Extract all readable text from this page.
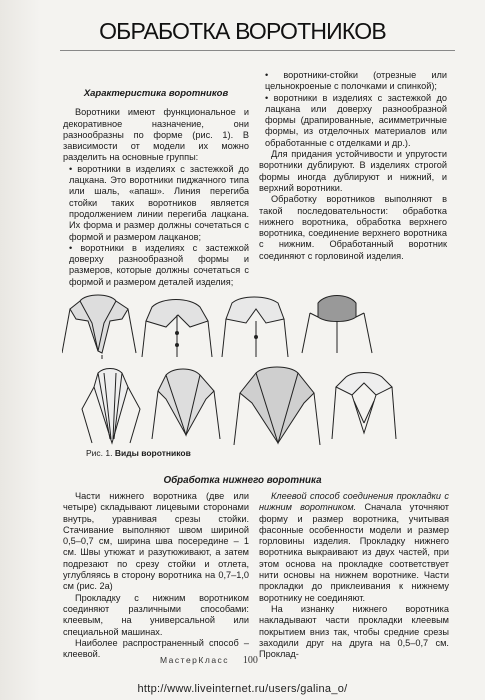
ОБРАБОТКА ВОРОТНИКОВ
Характеристика воротников

Воротники имеют функциональное и декоративное назначение, они разнообразны по форме (рис. 1). В зависимости от модели их можно разделить на основные группы:

• воротники в изделиях с застежкой до лацкана. Это воротники пиджачного типа или шаль, «апаш». Линия перегиба стойки таких воротников является продолжением линии перегиба лацкана. Их форма и размер должны сочетаться с формой и размером лацканов;

• воротники в изделиях с застежкой доверху разнообразной формы и размеров, которые должны сочетаться с формой и размером деталей изделия;

• воротники-стойки (отрезные или цельнокроеные с полочками и спинкой);

• воротники в изделиях с застежкой до лацкана или доверху разнообразной формы (драпированные, асимметричные формы, из отделочных материалов или обработанные с отделками и др.).

Для придания устойчивости и упругости воротники дублируют. В изделиях строгой формы иногда дублируют и нижний, и верхний воротники.

Обработку воротников выполняют в такой последовательности: обработка нижнего воротника, обработка верхнего воротника, соединение верхнего воротника с нижним. Обработанный воротник соединяют с горловиной изделия.

Рис. 1. Виды воротников
Обработка нижнего воротника

Части нижнего воротника (две или четыре) складывают лицевыми сторонами внутрь, уравнивая срезы стойки. Стачивание выполняют швом шириной 0,5–0,7 см, ширина шва посередине – 1 см. Швы утюжат и разутюживают, а затем подрезают по срезу стойки и отлета, углубляясь в сторону воротника на 0,7–1,0 см (рис. 2а)

Прокладку с нижним воротником соединяют различными способами: клеевым, на универсальной или специальной машинах.

Наиболее распространенный способ – клеевой.

Клеевой способ соединения прокладки с нижним воротником. Сначала уточняют форму и размер воротника, учитывая фасонные особенности модели и размер горловины изделия. Прокладку нижнего воротника выкраивают из двух частей, при этом основа на прокладке соответствует нити основы на нижнем воротнике. Части прокладки до приклеивания к нижнему воротнику не соединяют.

На изнанку нижнего воротника накладывают части прокладки клеевым покрытием вниз так, чтобы средние срезы заходили друг на друга на 0,5–0,7 см. Проклад-

МастерКласс 100
http://www.liveinternet.ru/users/galina_o/
